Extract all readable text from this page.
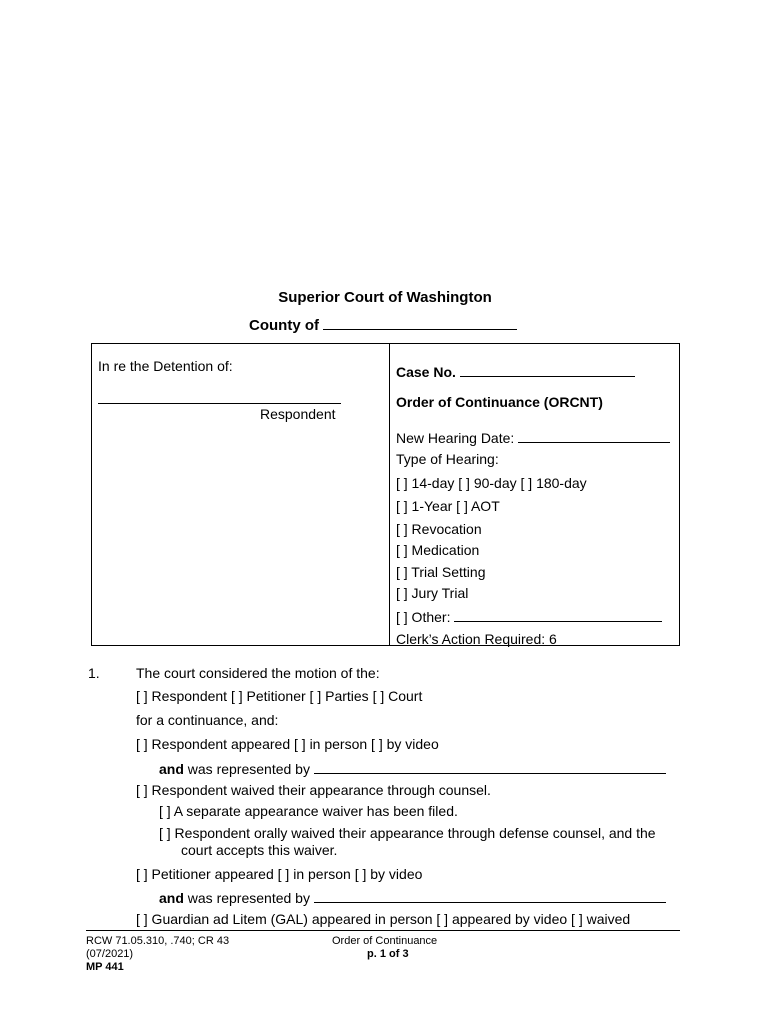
Superior Court of Washington
County of
In re the Detention of:
Respondent
Case No.
Order of Continuance (ORCNT)
New Hearing Date:
Type of Hearing:
[ ] 14-day [ ] 90-day [ ] 180-day
[ ] 1-Year [ ] AOT
[ ] Revocation
[ ] Medication
[ ] Trial Setting
[ ] Jury Trial
[ ] Other:
Clerk’s Action Required: 6
1.	The court considered the motion of the:
[ ] Respondent [ ] Petitioner [ ] Parties [ ] Court
for a continuance, and:
[ ] Respondent appeared [ ] in person [ ] by video
and was represented by
[ ] Respondent waived their appearance through counsel.
[ ] A separate appearance waiver has been filed.
[ ] Respondent orally waived their appearance through defense counsel, and the
court accepts this waiver.
[ ] Petitioner appeared [ ] in person [ ] by video
and was represented by
[ ] Guardian ad Litem (GAL) appeared in person [ ] appeared by video [ ] waived
RCW 71.05.310, .740; CR 43
(07/2021)
MP 441
Order of Continuance
p. 1 of 3
